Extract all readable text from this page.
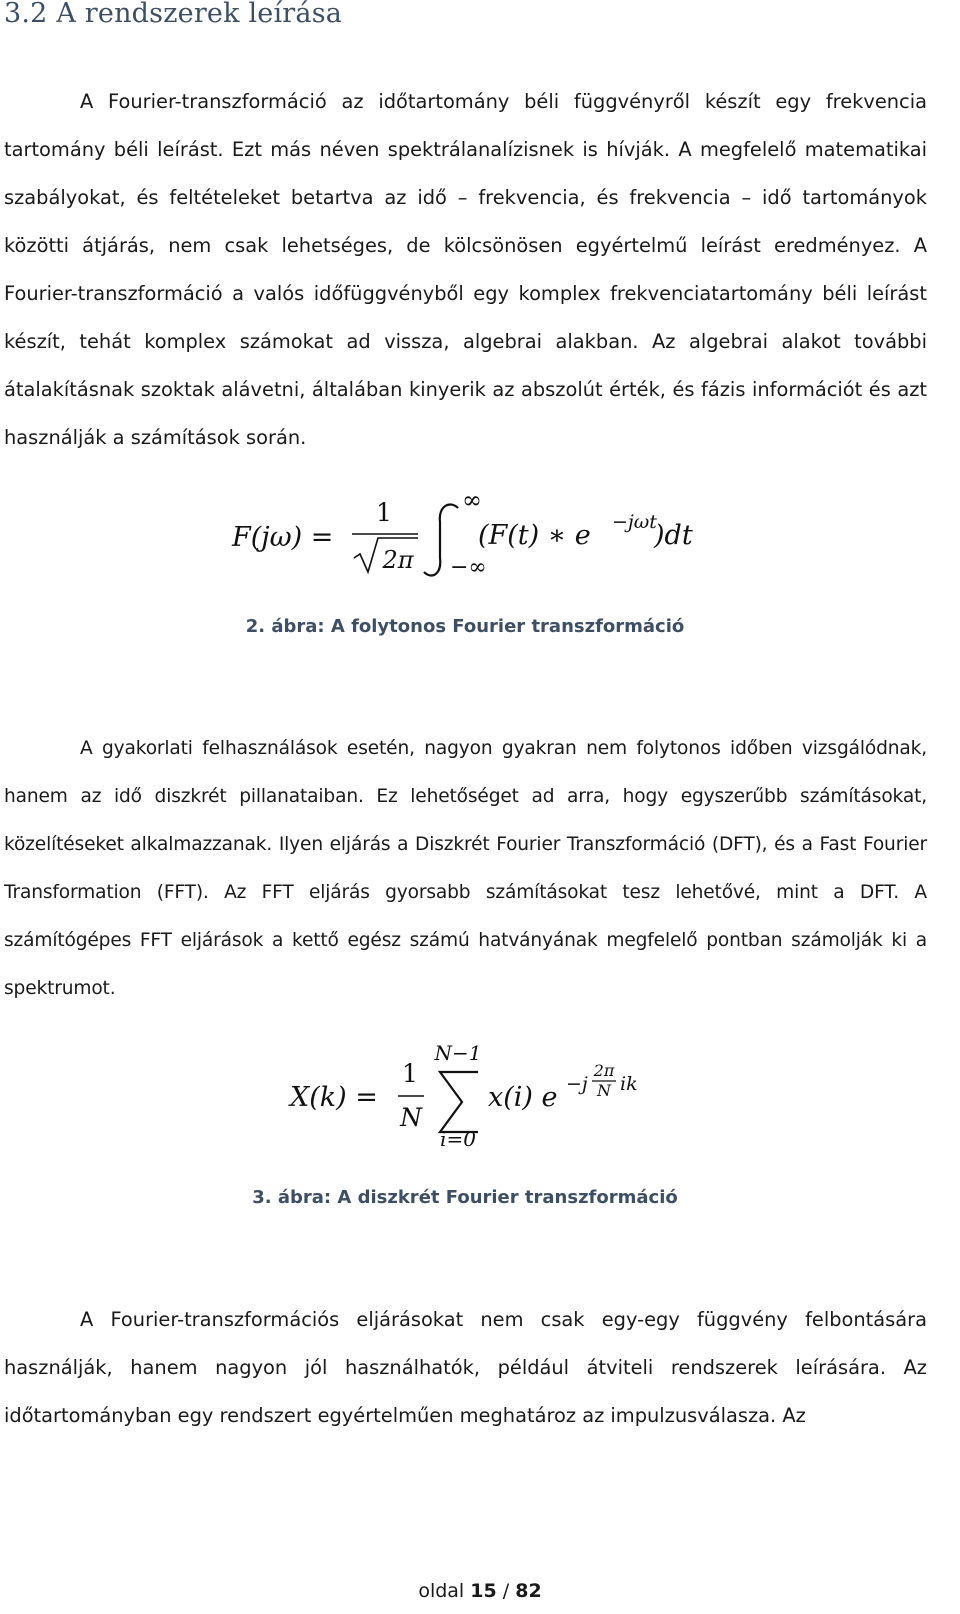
3.2 A rendszerek leírása

A Fourier-transzformáció az időtartomány béli függvényről készít egy frekvencia tartomány béli leírást. Ezt más néven spektrálanalízisnek is hívják. A megfelelő matematikai szabályokat, és feltételeket betartva az idő – frekvencia, és frekvencia – idő tartományok közötti átjárás, nem csak lehetséges, de kölcsönösen egyértelmű leírást eredményez. A Fourier-transzformáció a valós időfüggvényből egy komplex frekvenciatartomány béli leírást készít, tehát komplex számokat ad vissza, algebrai alakban. Az algebrai alakot további átalakításnak szoktak alávetni, általában kinyerik az abszolút érték, és fázis információt és azt használják a számítások során.

F(jω) =
1
2π
∞
−∞
(F(t) ∗ e −jωt
)dt
2. ábra: A folytonos Fourier transzformáció

A gyakorlati felhasználások esetén, nagyon gyakran nem folytonos időben vizsgálódnak, hanem az idő diszkrét pillanataiban. Ez lehetőséget ad arra, hogy egyszerűbb számításokat, közelítéseket alkalmazzanak. Ilyen eljárás a Diszkrét Fourier Transzformáció (DFT), és a Fast Fourier Transformation (FFT). Az FFT eljárás gyorsabb számításokat tesz lehetővé, mint a DFT. A számítógépes FFT eljárások a kettő egész számú hatványának megfelelő pontban számolják ki a spektrumot.

X(k) =
1
N
N−1
i=0
x(i) e −j
2π
N ik
3. ábra: A diszkrét Fourier transzformáció

A Fourier-transzformációs eljárásokat nem csak egy-egy függvény felbontására használják, hanem nagyon jól használhatók, például átviteli rendszerek leírására. Az időtartományban egy rendszert egyértelműen meghatároz az impulzusválasza. Az

oldal 15 / 82
